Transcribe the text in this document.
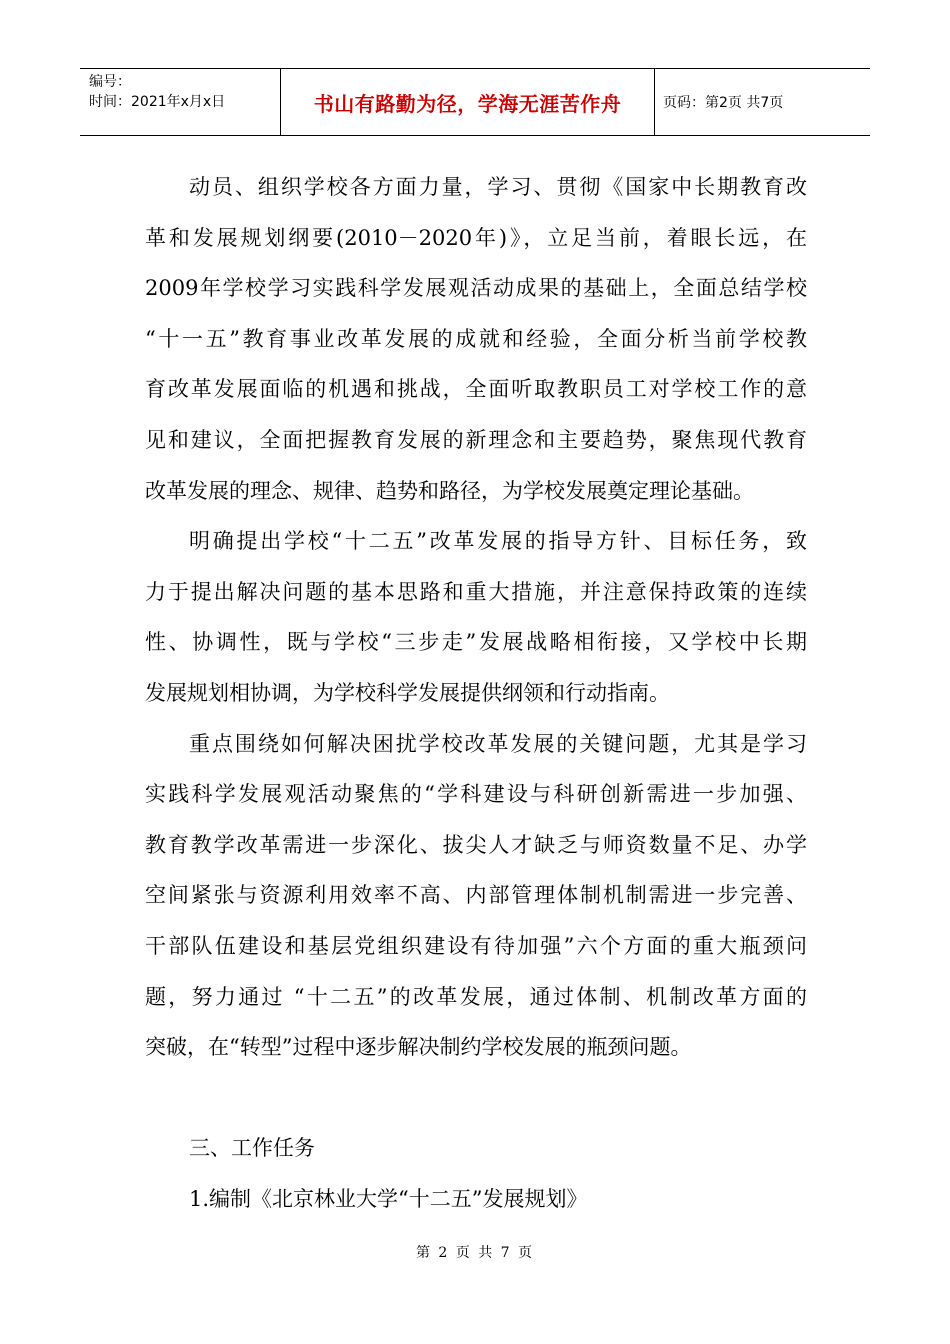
编号：
时间：2021年x月x日	书山有路勤为径，学海无涯苦作舟	页码：第2页 共7页
动员、组织学校各方面力量，学习、贯彻《国家中长期教育改
革和发展规划纲要(2010－2020年)》，立足当前，着眼长远，在
2009年学校学习实践科学发展观活动成果的基础上，全面总结学校
“十一五”教育事业改革发展的成就和经验，全面分析当前学校教
育改革发展面临的机遇和挑战，全面听取教职员工对学校工作的意
见和建议，全面把握教育发展的新理念和主要趋势，聚焦现代教育
改革发展的理念、规律、趋势和路径，为学校发展奠定理论基础。
明确提出学校“十二五”改革发展的指导方针、目标任务，致
力于提出解决问题的基本思路和重大措施，并注意保持政策的连续
性、协调性，既与学校“三步走”发展战略相衔接，又学校中长期
发展规划相协调，为学校科学发展提供纲领和行动指南。
重点围绕如何解决困扰学校改革发展的关键问题，尤其是学习
实践科学发展观活动聚焦的“学科建设与科研创新需进一步加强、
教育教学改革需进一步深化、拔尖人才缺乏与师资数量不足、办学
空间紧张与资源利用效率不高、内部管理体制机制需进一步完善、
干部队伍建设和基层党组织建设有待加强”六个方面的重大瓶颈问
题，努力通过 “十二五”的改革发展，通过体制、机制改革方面的
突破，在“转型”过程中逐步解决制约学校发展的瓶颈问题。
三、工作任务
1.编制《北京林业大学“十二五”发展规划》
第 2 页 共 7 页
